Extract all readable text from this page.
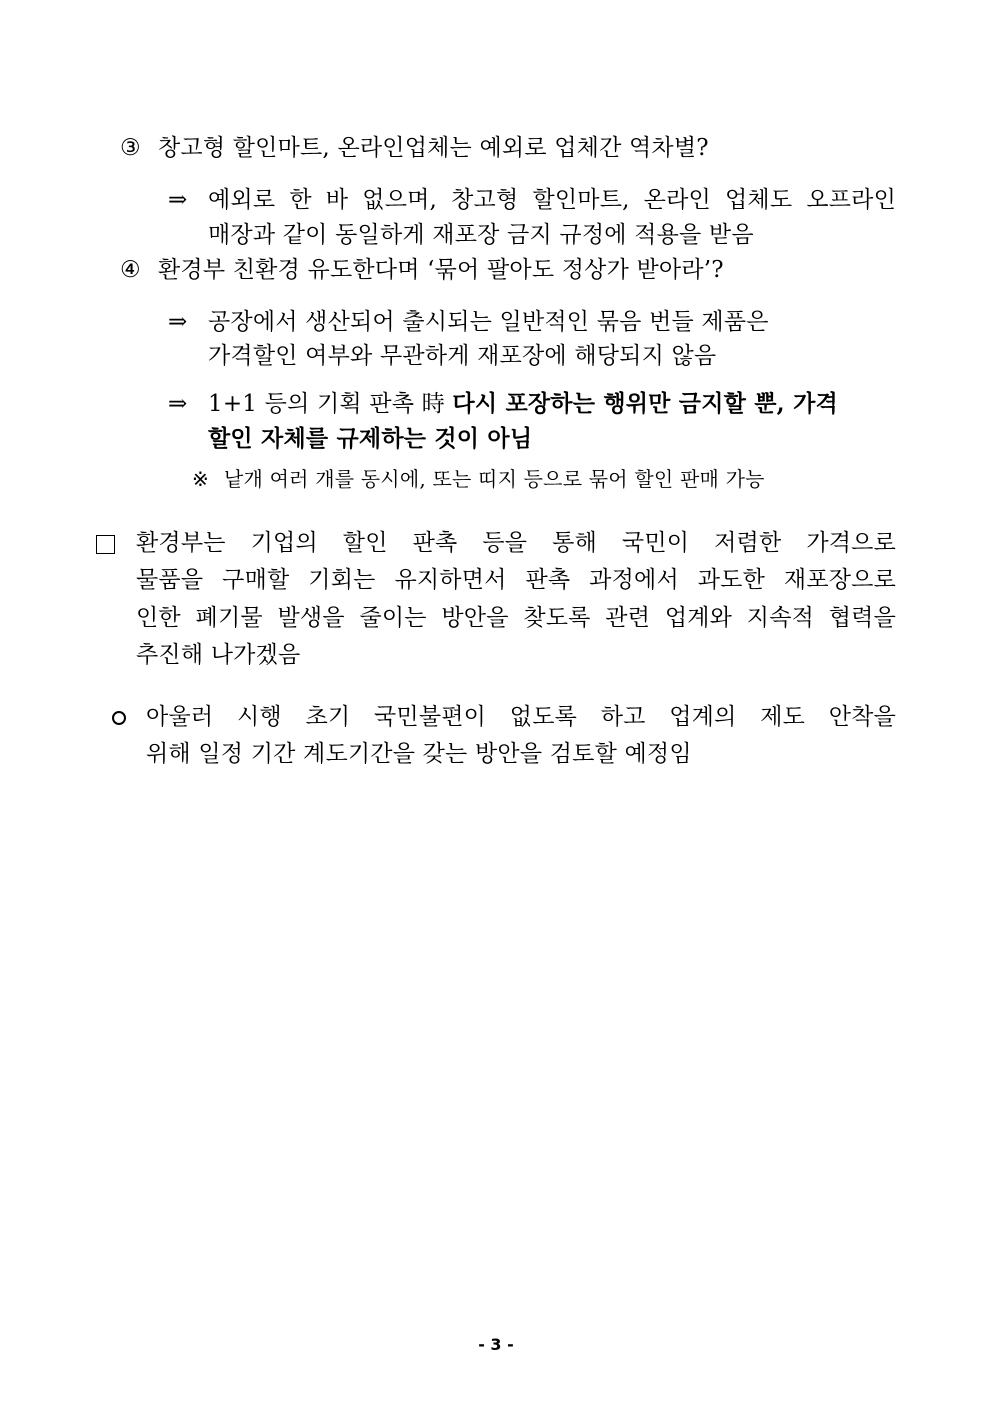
③ 창고형 할인마트, 온라인업체는 예외로 업체간 역차별?
⇒ 예외로 한 바 없으며, 창고형 할인마트, 온라인 업체도 오프라인
매장과 같이 동일하게 재포장 금지 규정에 적용을 받음
④ 환경부 친환경 유도한다며 ‘묶어 팔아도 정상가 받아라’?
⇒ 공장에서 생산되어 출시되는 일반적인 묶음 번들 제품은
가격할인 여부와 무관하게 재포장에 해당되지 않음
⇒ 1+1 등의 기획 판촉 時 다시 포장하는 행위만 금지할 뿐, 가격
할인 자체를 규제하는 것이 아님
※ 낱개 여러 개를 동시에, 또는 띠지 등으로 묶어 할인 판매 가능
환경부는 기업의 할인 판촉 등을 통해 국민이 저렴한 가격으로
물품을 구매할 기회는 유지하면서 판촉 과정에서 과도한 재포장으로
인한 폐기물 발생을 줄이는 방안을 찾도록 관련 업계와 지속적 협력을
추진해 나가겠음
아울러 시행 초기 국민불편이 없도록 하고 업계의 제도 안착을
위해 일정 기간 계도기간을 갖는 방안을 검토할 예정임
- 3 -
